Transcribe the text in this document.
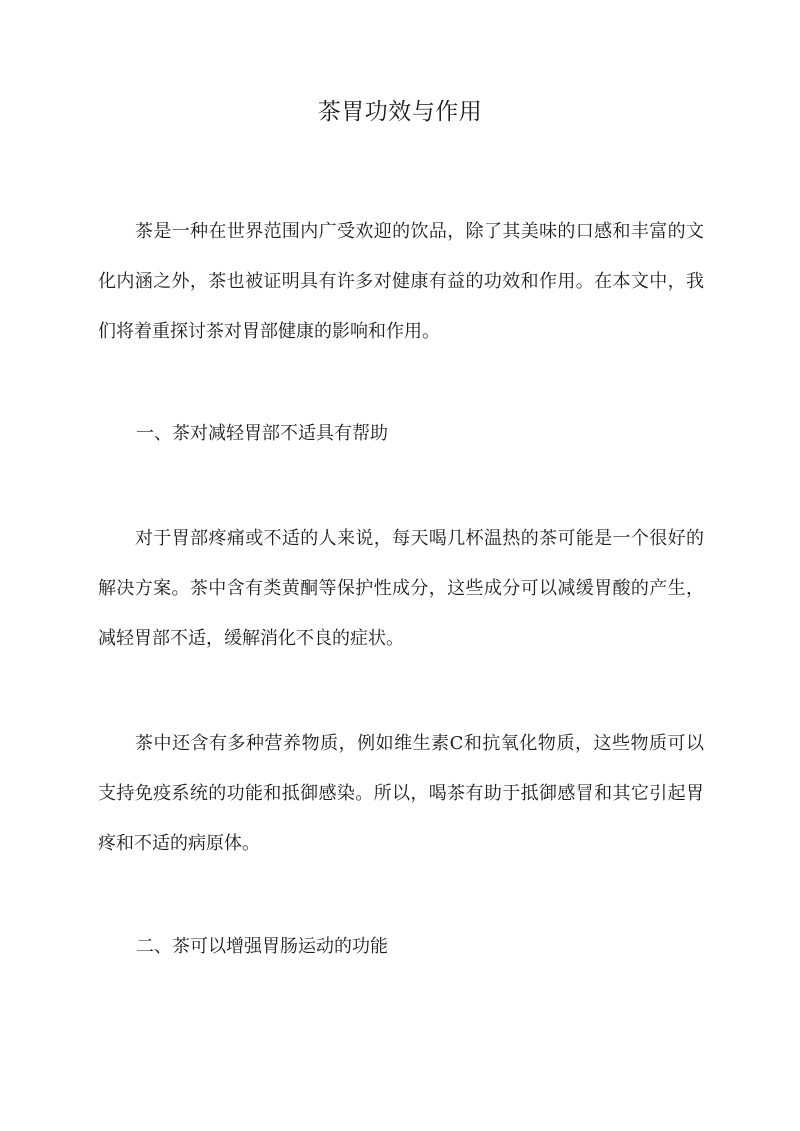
茶胃功效与作用

茶是一种在世界范围内广受欢迎的饮品，除了其美味的口感和丰富的文化内涵之外，茶也被证明具有许多对健康有益的功效和作用。在本文中，我们将着重探讨茶对胃部健康的影响和作用。

一、茶对减轻胃部不适具有帮助

对于胃部疼痛或不适的人来说，每天喝几杯温热的茶可能是一个很好的解决方案。茶中含有类黄酮等保护性成分，这些成分可以减缓胃酸的产生，减轻胃部不适，缓解消化不良的症状。

茶中还含有多种营养物质，例如维生素C和抗氧化物质，这些物质可以支持免疫系统的功能和抵御感染。所以，喝茶有助于抵御感冒和其它引起胃疼和不适的病原体。

二、茶可以增强胃肠运动的功能
